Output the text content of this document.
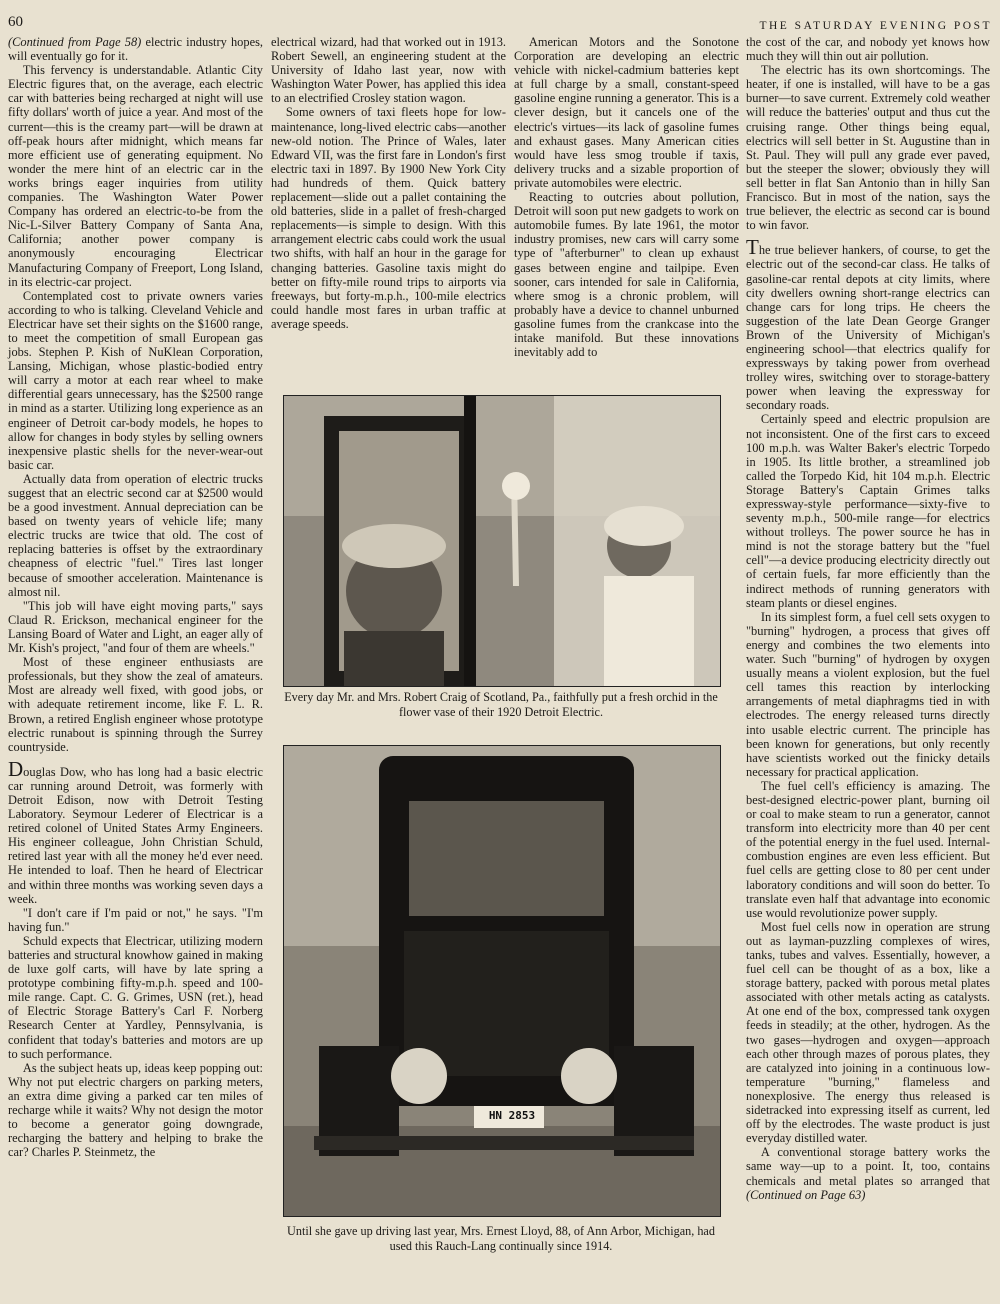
60	THE SATURDAY EVENING POST

(Continued from Page 58) electric industry hopes, will eventually go for it.

This fervency is understandable. Atlantic City Electric figures that, on the average, each electric car with batteries being recharged at night will use fifty dollars' worth of juice a year. And most of the current—this is the creamy part—will be drawn at off-peak hours after midnight, which means far more efficient use of generating equipment. No wonder the mere hint of an electric car in the works brings eager inquiries from utility companies. The Washington Water Power Company has ordered an electric-to-be from the Nic-L-Silver Battery Company of Santa Ana, California; another power company is anonymously encouraging Electricar Manufacturing Company of Freeport, Long Island, in its electric-car project.

Contemplated cost to private owners varies according to who is talking. Cleveland Vehicle and Electricar have set their sights on the $1600 range, to meet the competition of small European gas jobs. Stephen P. Kish of NuKlean Corporation, Lansing, Michigan, whose plastic-bodied entry will carry a motor at each rear wheel to make differential gears unnecessary, has the $2500 range in mind as a starter. Utilizing long experience as an engineer of Detroit car-body models, he hopes to allow for changes in body styles by selling owners inexpensive plastic shells for the never-wear-out basic car.

Actually data from operation of electric trucks suggest that an electric second car at $2500 would be a good investment. Annual depreciation can be based on twenty years of vehicle life; many electric trucks are twice that old. The cost of replacing batteries is offset by the extraordinary cheapness of electric "fuel." Tires last longer because of smoother acceleration. Maintenance is almost nil.

"This job will have eight moving parts," says Claud R. Erickson, mechanical engineer for the Lansing Board of Water and Light, an eager ally of Mr. Kish's project, "and four of them are wheels."

Most of these engineer enthusiasts are professionals, but they show the zeal of amateurs. Most are already well fixed, with good jobs, or with adequate retirement income, like F. L. R. Brown, a retired English engineer whose prototype electric runabout is spinning through the Surrey countryside.

Douglas Dow, who has long had a basic electric car running around Detroit, was formerly with Detroit Edison, now with Detroit Testing Laboratory. Seymour Lederer of Electricar is a retired colonel of United States Army Engineers. His engineer colleague, John Christian Schuld, retired last year with all the money he'd ever need. He intended to loaf. Then he heard of Electricar and within three months was working seven days a week.

"I don't care if I'm paid or not," he says. "I'm having fun."

Schuld expects that Electricar, utilizing modern batteries and structural knowhow gained in making de luxe golf carts, will have by late spring a prototype combining fifty-m.p.h. speed and 100-mile range. Capt. C. G. Grimes, USN (ret.), head of Electric Storage Battery's Carl F. Norberg Research Center at Yardley, Pennsylvania, is confident that today's batteries and motors are up to such performance.

As the subject heats up, ideas keep popping out: Why not put electric chargers on parking meters, an extra dime giving a parked car ten miles of recharge while it waits? Why not design the motor to become a generator going downgrade, recharging the battery and helping to brake the car? Charles P. Steinmetz, the

electrical wizard, had that worked out in 1913. Robert Sewell, an engineering student at the University of Idaho last year, now with Washington Water Power, has applied this idea to an electrified Crosley station wagon.

Some owners of taxi fleets hope for low-maintenance, long-lived electric cabs—another new-old notion. The Prince of Wales, later Edward VII, was the first fare in London's first electric taxi in 1897. By 1900 New York City had hundreds of them. Quick battery replacement—slide out a pallet containing the old batteries, slide in a pallet of fresh-charged replacements—is simple to design. With this arrangement electric cabs could work the usual two shifts, with half an hour in the garage for changing batteries. Gasoline taxis might do better on fifty-mile round trips to airports via freeways, but forty-m.p.h., 100-mile electrics could handle most fares in urban traffic at average speeds.

American Motors and the Sonotone Corporation are developing an electric vehicle with nickel-cadmium batteries kept at full charge by a small, constant-speed gasoline engine running a generator. This is a clever design, but it cancels one of the electric's virtues—its lack of gasoline fumes and exhaust gases. Many American cities would have less smog trouble if taxis, delivery trucks and a sizable proportion of private automobiles were electric.

Reacting to outcries about pollution, Detroit will soon put new gadgets to work on automobile fumes. By late 1961, the motor industry promises, new cars will carry some type of "afterburner" to clean up exhaust gases between engine and tailpipe. Even sooner, cars intended for sale in California, where smog is a chronic problem, will probably have a device to channel unburned gasoline fumes from the crankcase into the intake manifold. But these innovations inevitably add to

the cost of the car, and nobody yet knows how much they will thin out air pollution.

The electric has its own shortcomings. The heater, if one is installed, will have to be a gas burner—to save current. Extremely cold weather will reduce the batteries' output and thus cut the cruising range. Other things being equal, electrics will sell better in St. Augustine than in St. Paul. They will pull any grade ever paved, but the steeper the slower; obviously they will sell better in flat San Antonio than in hilly San Francisco. But in most of the nation, says the true believer, the electric as second car is bound to win favor.

The true believer hankers, of course, to get the electric out of the second-car class. He talks of gasoline-car rental depots at city limits, where city dwellers owning short-range electrics can change cars for long trips. He cheers the suggestion of the late Dean George Granger Brown of the University of Michigan's engineering school—that electrics qualify for expressways by taking power from overhead trolley wires, switching over to storage-battery power when leaving the expressway for secondary roads.

Certainly speed and electric propulsion are not inconsistent. One of the first cars to exceed 100 m.p.h. was Walter Baker's electric Torpedo in 1905. Its little brother, a streamlined job called the Torpedo Kid, hit 104 m.p.h. Electric Storage Battery's Captain Grimes talks expressway-style performance—sixty-five to seventy m.p.h., 500-mile range—for electrics without trolleys. The power source he has in mind is not the storage battery but the "fuel cell"—a device producing electricity directly out of certain fuels, far more efficiently than the indirect methods of running generators with steam plants or diesel engines.

In its simplest form, a fuel cell sets oxygen to "burning" hydrogen, a process that gives off energy and combines the two elements into water. Such "burning" of hydrogen by oxygen usually means a violent explosion, but the fuel cell tames this reaction by interlocking arrangements of metal diaphragms tied in with electrodes. The energy released turns directly into usable electric current. The principle has been known for generations, but only recently have scientists worked out the finicky details necessary for practical application.

The fuel cell's efficiency is amazing. The best-designed electric-power plant, burning oil or coal to make steam to run a generator, cannot transform into electricity more than 40 per cent of the potential energy in the fuel used. Internal-combustion engines are even less efficient. But fuel cells are getting close to 80 per cent under laboratory conditions and will soon do better. To translate even half that advantage into economic use would revolutionize power supply.

Most fuel cells now in operation are strung out as layman-puzzling complexes of wires, tanks, tubes and valves. Essentially, however, a fuel cell can be thought of as a box, like a storage battery, packed with porous metal plates associated with other metals acting as catalysts. At one end of the box, compressed tank oxygen feeds in steadily; at the other, hydrogen. As the two gases—hydrogen and oxygen—approach each other through mazes of porous plates, they are catalyzed into joining in a continuous low-temperature "burning," flameless and nonexplosive. The energy thus released is sidetracked into expressing itself as current, led off by the electrodes. The waste product is just everyday distilled water.

A conventional storage battery works the same way—up to a point. It, too, contains chemicals and metal plates so arranged that (Continued on Page 63)

Every day Mr. and Mrs. Robert Craig of Scotland, Pa., faithfully put a fresh orchid in the flower vase of their 1920 Detroit Electric.
HN 2853
Until she gave up driving last year, Mrs. Ernest Lloyd, 88, of Ann Arbor, Michigan, had used this Rauch-Lang continually since 1914.
